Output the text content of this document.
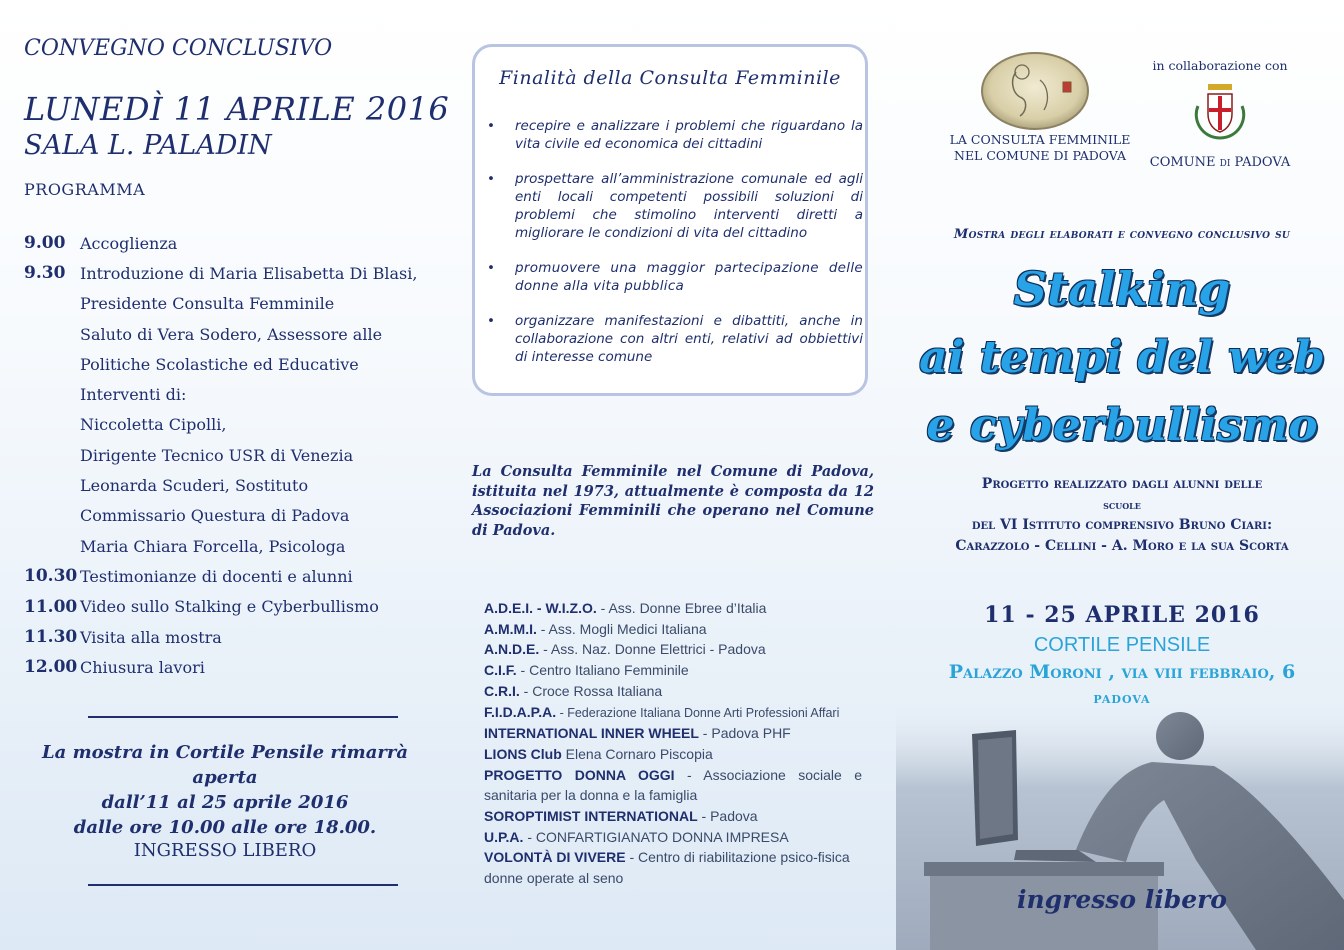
CONVEGNO CONCLUSIVO
LUNEDÌ 11 APRILE 2016
SALA L. PALADIN
PROGRAMMA
9.00 Accoglienza
9.30 Introduzione di Maria Elisabetta Di Blasi,
Presidente Consulta Femminile
Saluto di Vera Sodero, Assessore alle
Politiche Scolastiche ed Educative
Interventi di:
Niccoletta Cipolli,
Dirigente Tecnico USR di Venezia
Leonarda Scuderi, Sostituto
Commissario Questura di Padova
Maria Chiara Forcella, Psicologa
10.30 Testimonianze di docenti e alunni
11.00 Video sullo Stalking e Cyberbullismo
11.30 Visita alla mostra
12.00 Chiusura lavori
La mostra in Cortile Pensile rimarrà aperta
dall’11 al 25 aprile 2016
dalle ore 10.00 alle ore 18.00.
INGRESSO LIBERO
Finalità della Consulta Femminile
• recepire e analizzare i problemi che riguardano la vita civile ed economica dei cittadini
• prospettare all’amministrazione comunale ed agli enti locali competenti possibili soluzioni di problemi che stimolino interventi diretti a migliorare le condizioni di vita del cittadino
• promuovere una maggior partecipazione delle donne alla vita pubblica
• organizzare manifestazioni e dibattiti, anche in collaborazione con altri enti, relativi ad obbiettivi di interesse comune
La Consulta Femminile nel Comune di Padova, istituita nel 1973, attualmente è composta da 12 Associazioni Femminili che operano nel Comune di Padova.
A.D.E.I. - W.I.Z.O. - Ass. Donne Ebree d’Italia
A.M.M.I. - Ass. Mogli Medici Italiana
A.N.D.E. - Ass. Naz. Donne Elettrici - Padova
C.I.F. - Centro Italiano Femminile
C.R.I. - Croce Rossa Italiana
F.I.D.A.P.A. - Federazione Italiana Donne Arti Professioni Affari
INTERNATIONAL INNER WHEEL - Padova PHF
LIONS Club Elena Cornaro Piscopia
PROGETTO DONNA OGGI - Associazione sociale e sanitaria per la donna e la famiglia
SOROPTIMIST INTERNATIONAL - Padova
U.P.A. - CONFARTIGIANATO DONNA IMPRESA
VOLONTÀ DI VIVERE - Centro di riabilitazione psico-fisica donne operate al seno
LA CONSULTA FEMMINILE
NEL COMUNE DI PADOVA
in collaborazione con
COMUNE DI PADOVA
Mostra degli elaborati e convegno conclusivo su
Stalking
ai tempi del web
e cyberbullismo
Progetto realizzato dagli alunni delle
scuole
del VI Istituto comprensivo Bruno Ciari:
Carazzolo - Cellini - A. Moro e la sua Scorta
11 - 25 APRILE 2016
CORTILE PENSILE
Palazzo Moroni , via viii febbraio, 6
padova
ingresso libero
